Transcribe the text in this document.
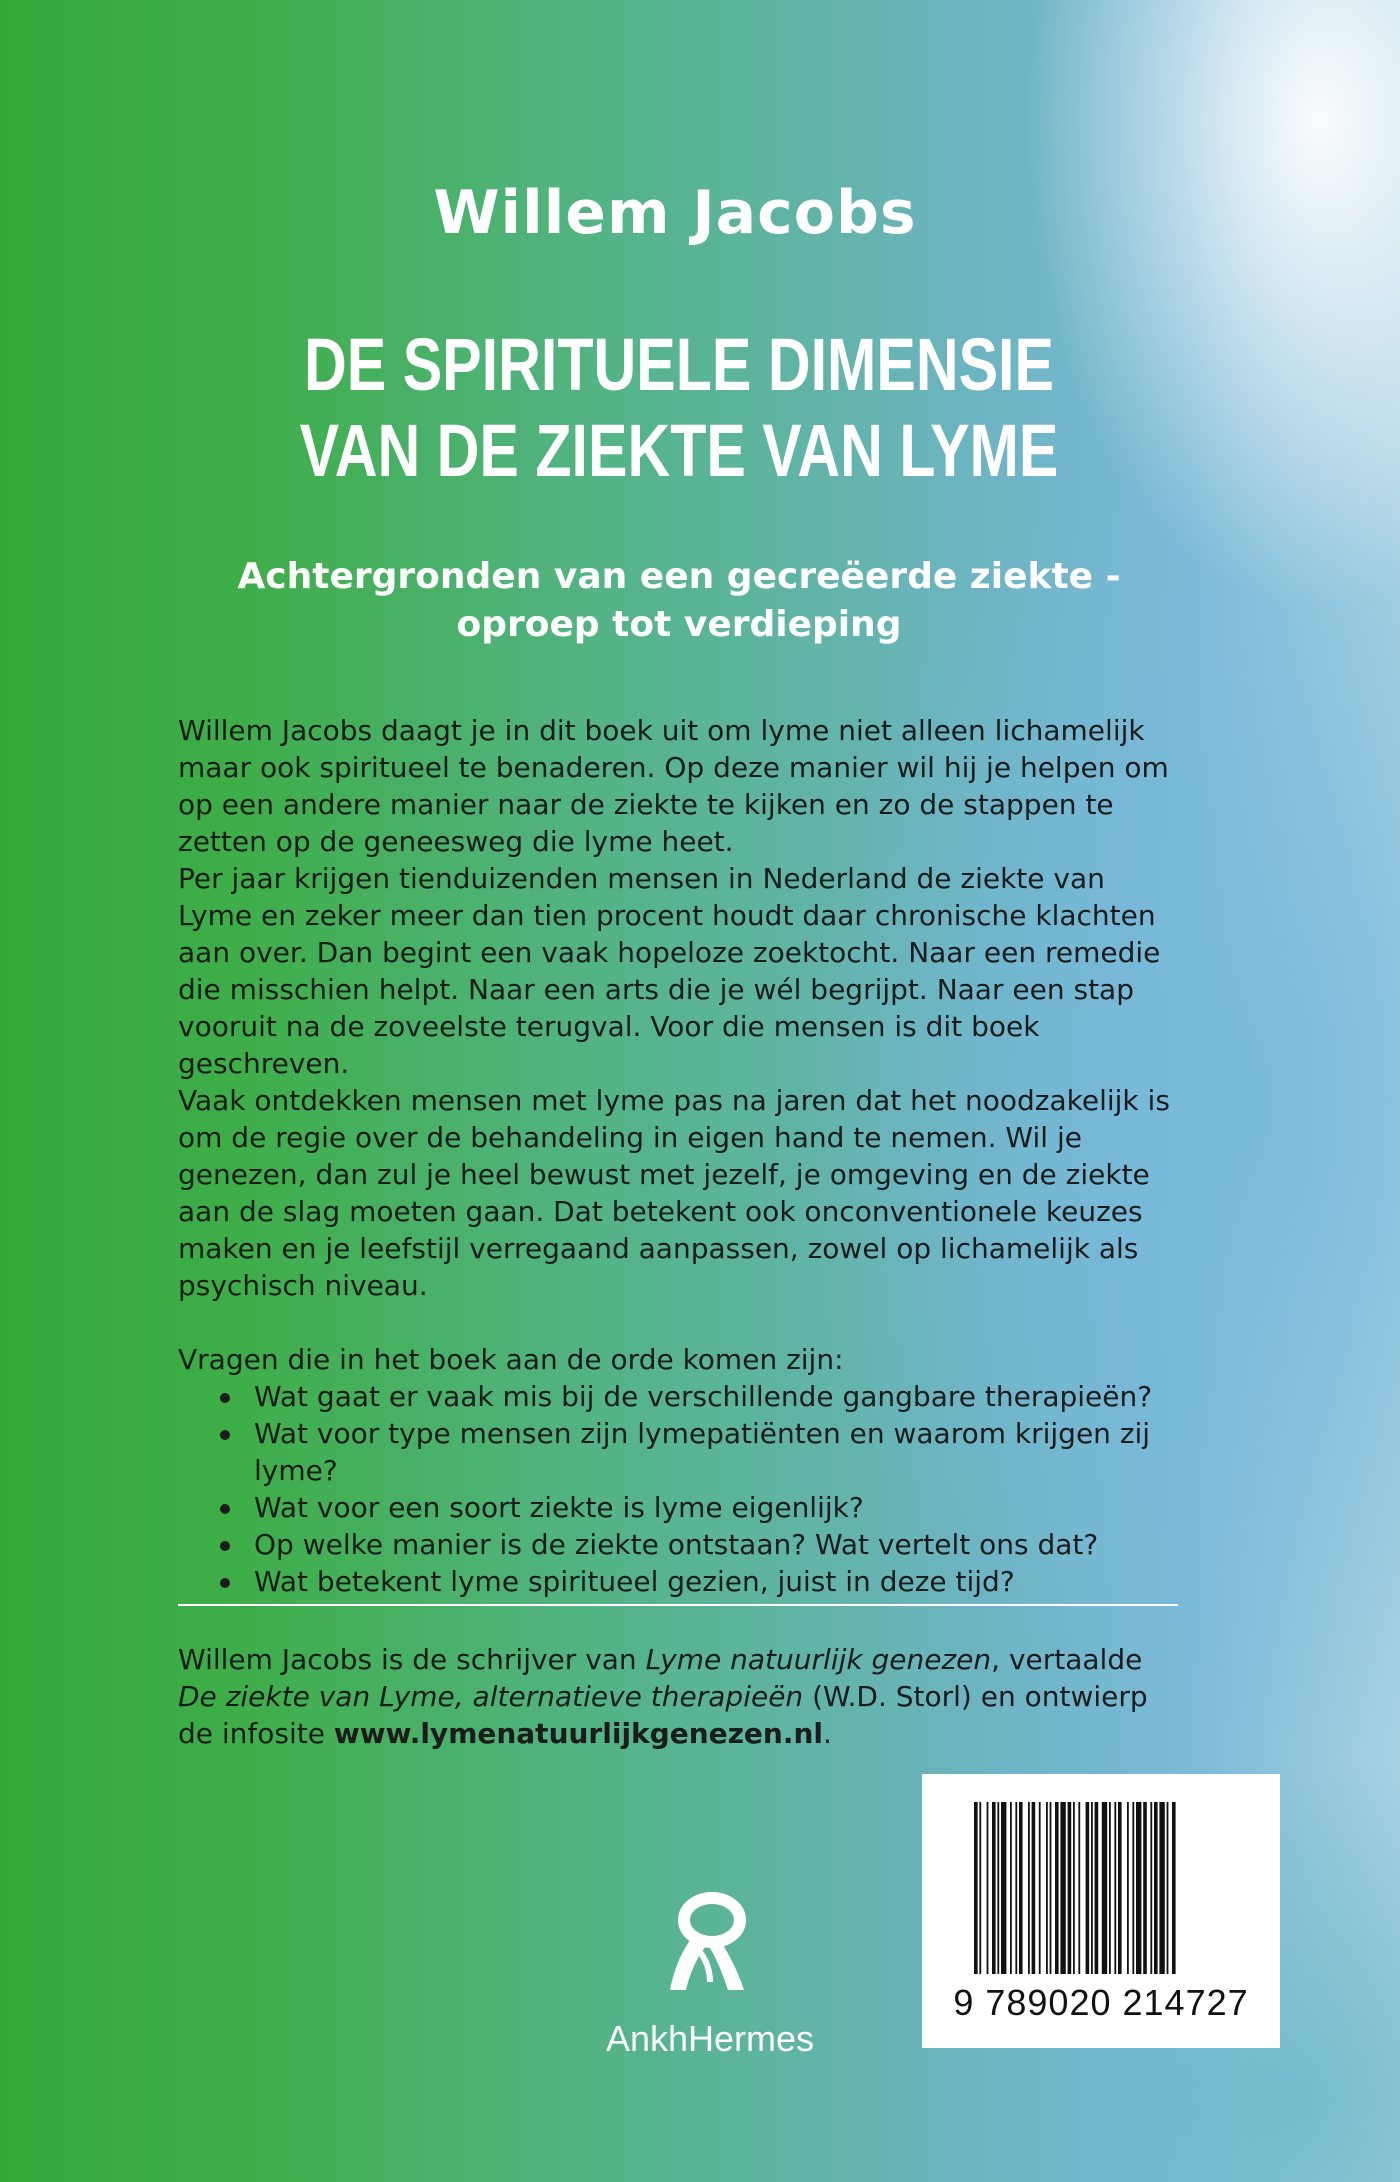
Willem Jacobs
DE SPIRITUELE DIMENSIE
VAN DE ZIEKTE VAN LYME
Achtergronden van een gecreëerde ziekte -
oproep tot verdieping

Willem Jacobs daagt je in dit boek uit om lyme niet alleen lichamelijk maar ook spiritueel te benaderen. Op deze manier wil hij je helpen om op een andere manier naar de ziekte te kijken en zo de stappen te zetten op de geneesweg die lyme heet.

Per jaar krijgen tienduizenden mensen in Nederland de ziekte van Lyme en zeker meer dan tien procent houdt daar chronische klachten aan over. Dan begint een vaak hopeloze zoektocht. Naar een remedie die misschien helpt. Naar een arts die je wél begrijpt. Naar een stap vooruit na de zoveelste terugval. Voor die mensen is dit boek geschreven.

Vaak ontdekken mensen met lyme pas na jaren dat het noodzakelijk is om de regie over de behandeling in eigen hand te nemen. Wil je genezen, dan zul je heel bewust met jezelf, je omgeving en de ziekte aan de slag moeten gaan. Dat betekent ook onconventionele keuzes maken en je leefstijl verregaand aanpassen, zowel op lichamelijk als psychisch niveau.

Vragen die in het boek aan de orde komen zijn:

Wat gaat er vaak mis bij de verschillende gangbare therapieën?
Wat voor type mensen zijn lymepatiënten en waarom krijgen zij lyme?
Wat voor een soort ziekte is lyme eigenlijk?
Op welke manier is de ziekte ontstaan? Wat vertelt ons dat?
Wat betekent lyme spiritueel gezien, juist in deze tijd?
Willem Jacobs is de schrijver van Lyme natuurlijk genezen, vertaalde De ziekte van Lyme, alternatieve therapieën (W.D. Storl) en ontwierp de infosite www.lymenatuurlijkgenezen.nl.
AnkhHermes
9 789020 214727
